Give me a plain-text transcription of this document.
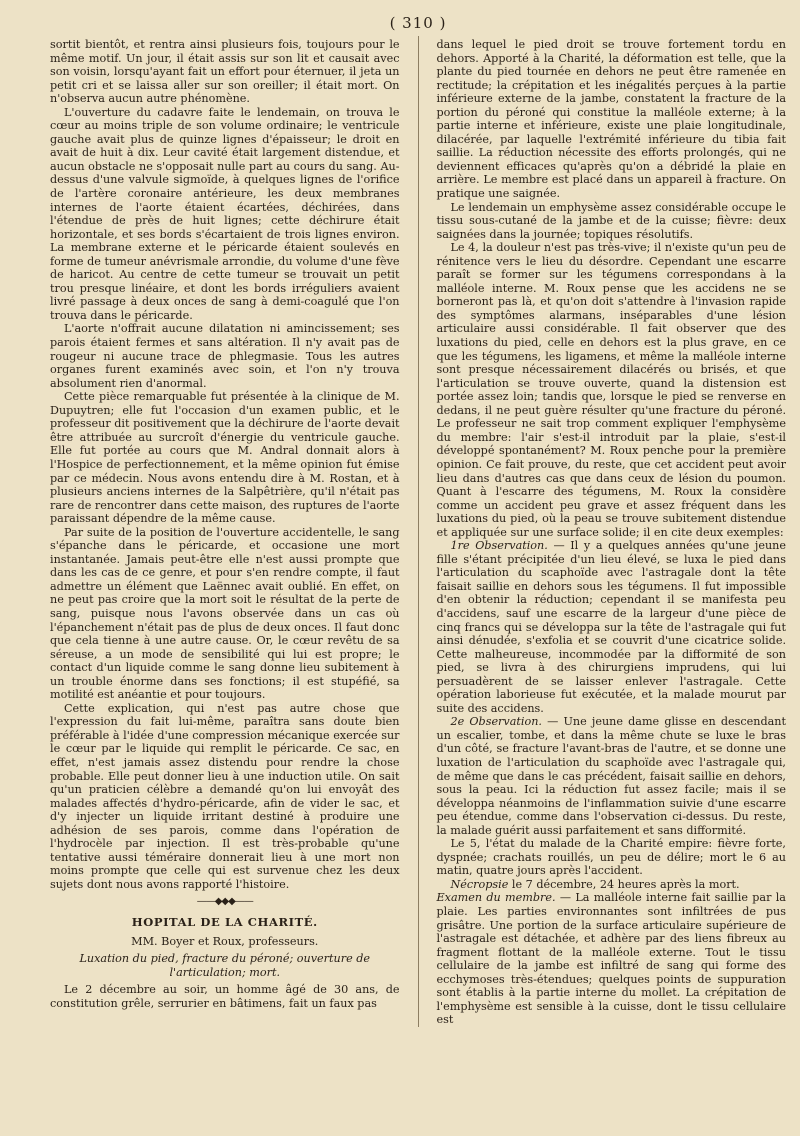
( 310 )

sortit bientôt, et rentra ainsi plusieurs fois, toujours pour le même motif. Un jour, il était assis sur son lit et causait avec son voisin, lorsqu'ayant fait un effort pour éternuer, il jeta un petit cri et se laissa aller sur son oreiller; il était mort. On n'observa aucun autre phénomène.

L'ouverture du cadavre faite le lendemain, on trouva le cœur au moins triple de son volume ordinaire; le ventricule gauche avait plus de quinze lignes d'épaisseur; le droit en avait de huit à dix. Leur cavité était largement distendue, et aucun obstacle ne s'opposait nulle part au cours du sang. Au-dessus d'une valvule sigmoïde, à quelques lignes de l'orifice de l'artère coronaire antérieure, les deux membranes internes de l'aorte étaient écartées, déchirées, dans l'étendue de près de huit lignes; cette déchirure était horizontale, et ses bords s'écartaient de trois lignes environ. La membrane externe et le péricarde étaient soulevés en forme de tumeur anévrismale arrondie, du volume d'une fève de haricot. Au centre de cette tumeur se trouvait un petit trou presque linéaire, et dont les bords irréguliers avaient livré passage à deux onces de sang à demi-coagulé que l'on trouva dans le péricarde.

L'aorte n'offrait aucune dilatation ni amincissement; ses parois étaient fermes et sans altération. Il n'y avait pas de rougeur ni aucune trace de phlegmasie. Tous les autres organes furent examinés avec soin, et l'on n'y trouva absolument rien d'anormal.

Cette pièce remarquable fut présentée à la clinique de M. Dupuytren; elle fut l'occasion d'un examen public, et le professeur dit positivement que la déchirure de l'aorte devait être attribuée au surcroît d'énergie du ventricule gauche. Elle fut portée au cours que M. Andral donnait alors à l'Hospice de perfectionnement, et la même opinion fut émise par ce médecin. Nous avons entendu dire à M. Rostan, et à plusieurs anciens internes de la Salpêtrière, qu'il n'était pas rare de rencontrer dans cette maison, des ruptures de l'aorte paraissant dépendre de la même cause.

Par suite de la position de l'ouverture accidentelle, le sang s'épanche dans le péricarde, et occasione une mort instantanée. Jamais peut-être elle n'est aussi prompte que dans les cas de ce genre, et pour s'en rendre compte, il faut admettre un élément que Laënnec avait oublié. En effet, on ne peut pas croire que la mort soit le résultat de la perte de sang, puisque nous l'avons observée dans un cas où l'épanchement n'était pas de plus de deux onces. Il faut donc que cela tienne à une autre cause. Or, le cœur revêtu de sa séreuse, a un mode de sensibilité qui lui est propre; le contact d'un liquide comme le sang donne lieu subitement à un trouble énorme dans ses fonctions; il est stupéfié, sa motilité est anéantie et pour toujours.

Cette explication, qui n'est pas autre chose que l'expression du fait lui-même, paraîtra sans doute bien préférable à l'idée d'une compression mécanique exercée sur le cœur par le liquide qui remplit le péricarde. Ce sac, en effet, n'est jamais assez distendu pour rendre la chose probable. Elle peut donner lieu à une induction utile. On sait qu'un praticien célèbre a demandé qu'on lui envoyât des malades affectés d'hydro-péricarde, afin de vider le sac, et d'y injecter un liquide irritant destiné à produire une adhésion de ses parois, comme dans l'opération de l'hydrocèle par injection. Il est très-probable qu'une tentative aussi téméraire donnerait lieu à une mort non moins prompte que celle qui est survenue chez les deux sujets dont nous avons rapporté l'histoire.

——◆◆◆——
HOPITAL DE LA CHARITÉ.
MM. Boyer et Roux, professeurs.
Luxation du pied, fracture du péroné; ouverture de l'articulation; mort.

Le 2 décembre au soir, un homme âgé de 30 ans, de constitution grêle, serrurier en bâtimens, fait un faux pas

dans lequel le pied droit se trouve fortement tordu en dehors. Apporté à la Charité, la déformation est telle, que la plante du pied tournée en dehors ne peut être ramenée en rectitude; la crépitation et les inégalités perçues à la partie inférieure externe de la jambe, constatent la fracture de la portion du péroné qui constitue la malléole externe; à la partie interne et inférieure, existe une plaie longitudinale, dilacérée, par laquelle l'extrémité inférieure du tibia fait saillie. La réduction nécessite des efforts prolongés, qui ne deviennent efficaces qu'après qu'on a débridé la plaie en arrière. Le membre est placé dans un appareil à fracture. On pratique une saignée.

Le lendemain un emphysème assez considérable occupe le tissu sous-cutané de la jambe et de la cuisse; fièvre: deux saignées dans la journée; topiques résolutifs.

Le 4, la douleur n'est pas très-vive; il n'existe qu'un peu de rénitence vers le lieu du désordre. Cependant une escarre paraît se former sur les tégumens correspondans à la malléole interne. M. Roux pense que les accidens ne se borneront pas là, et qu'on doit s'attendre à l'invasion rapide des symptômes alarmans, inséparables d'une lésion articulaire aussi considérable. Il fait observer que des luxations du pied, celle en dehors est la plus grave, en ce que les tégumens, les ligamens, et même la malléole interne sont presque nécessairement dilacérés ou brisés, et que l'articulation se trouve ouverte, quand la distension est portée assez loin; tandis que, lorsque le pied se renverse en dedans, il ne peut guère résulter qu'une fracture du péroné. Le professeur ne sait trop comment expliquer l'emphysème du membre: l'air s'est-il introduit par la plaie, s'est-il développé spontanément? M. Roux penche pour la première opinion. Ce fait prouve, du reste, que cet accident peut avoir lieu dans d'autres cas que dans ceux de lésion du poumon. Quant à l'escarre des tégumens, M. Roux la considère comme un accident peu grave et assez fréquent dans les luxations du pied, où la peau se trouve subitement distendue et appliquée sur une surface solide; il en cite deux exemples:

1re Observation. — Il y a quelques années qu'une jeune fille s'étant précipitée d'un lieu élevé, se luxa le pied dans l'articulation du scaphoïde avec l'astragale dont la tête faisait saillie en dehors sous les tégumens. Il fut impossible d'en obtenir la réduction; cependant il se manifesta peu d'accidens, sauf une escarre de la largeur d'une pièce de cinq francs qui se développa sur la tête de l'astragale qui fut ainsi dénudée, s'exfolia et se couvrit d'une cicatrice solide. Cette malheureuse, incommodée par la difformité de son pied, se livra à des chirurgiens imprudens, qui lui persuadèrent de se laisser enlever l'astragale. Cette opération laborieuse fut exécutée, et la malade mourut par suite des accidens.

2e Observation. — Une jeune dame glisse en descendant un escalier, tombe, et dans la même chute se luxe le bras d'un côté, se fracture l'avant-bras de l'autre, et se donne une luxation de l'articulation du scaphoïde avec l'astragale qui, de même que dans le cas précédent, faisait saillie en dehors, sous la peau. Ici la réduction fut assez facile; mais il se développa néanmoins de l'inflammation suivie d'une escarre peu étendue, comme dans l'observation ci-dessus. Du reste, la malade guérit aussi parfaitement et sans difformité.

Le 5, l'état du malade de la Charité empire: fièvre forte, dyspnée; crachats rouillés, un peu de délire; mort le 6 au matin, quatre jours après l'accident.

Nécropsie le 7 décembre, 24 heures après la mort.

Examen du membre. — La malléole interne fait saillie par la plaie. Les parties environnantes sont infiltrées de pus grisâtre. Une portion de la surface articulaire supérieure de l'astragale est détachée, et adhère par des liens fibreux au fragment flottant de la malléole externe. Tout le tissu cellulaire de la jambe est infiltré de sang qui forme des ecchymoses très-étendues; quelques points de suppuration sont établis à la partie interne du mollet. La crépitation de l'emphysème est sensible à la cuisse, dont le tissu cellulaire est
